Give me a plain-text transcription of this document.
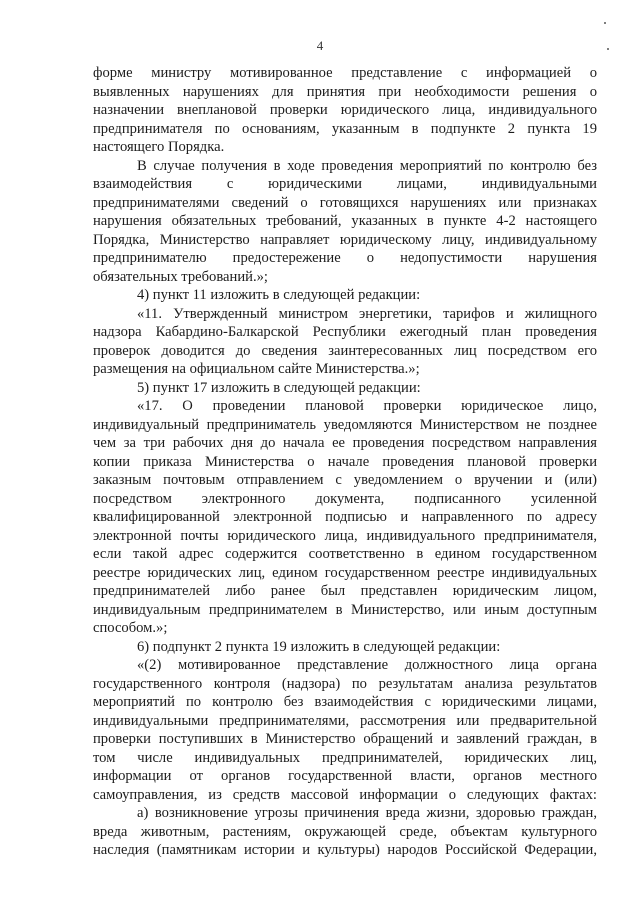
4
форме министру мотивированное представление с информацией о
выявленных нарушениях для принятия при необходимости решения о
назначении внеплановой проверки юридического лица, индивидуального
предпринимателя по основаниям, указанным в подпункте 2 пункта 19
настоящего Порядка.
В случае получения в ходе проведения мероприятий по контролю без
взаимодействия с юридическими лицами, индивидуальными
предпринимателями сведений о готовящихся нарушениях или признаках
нарушения обязательных требований, указанных в пункте 4-2 настоящего
Порядка, Министерство направляет юридическому лицу, индивидуальному
предпринимателю предостережение о недопустимости нарушения
обязательных требований.»;
4) пункт 11 изложить в следующей редакции:
«11. Утвержденный министром энергетики, тарифов и жилищного
надзора Кабардино-Балкарской Республики ежегодный план проведения
проверок доводится до сведения заинтересованных лиц посредством его
размещения на официальном сайте Министерства.»;
5) пункт 17 изложить в следующей редакции:
«17. О проведении плановой проверки юридическое лицо,
индивидуальный предприниматель уведомляются Министерством не позднее
чем за три рабочих дня до начала ее проведения посредством направления
копии приказа Министерства о начале проведения плановой проверки
заказным почтовым отправлением с уведомлением о вручении и (или)
посредством электронного документа, подписанного усиленной
квалифицированной электронной подписью и направленного по адресу
электронной почты юридического лица, индивидуального предпринимателя,
если такой адрес содержится соответственно в едином государственном
реестре юридических лиц, едином государственном реестре индивидуальных
предпринимателей либо ранее был представлен юридическим лицом,
индивидуальным предпринимателем в Министерство, или иным доступным
способом.»;
6) подпункт 2 пункта 19 изложить в следующей редакции:
«(2) мотивированное представление должностного лица органа
государственного контроля (надзора) по результатам анализа результатов
мероприятий по контролю без взаимодействия с юридическими лицами,
индивидуальными предпринимателями, рассмотрения или предварительной
проверки поступивших в Министерство обращений и заявлений граждан, в
том числе индивидуальных предпринимателей, юридических лиц,
информации от органов государственной власти, органов местного
самоуправления, из средств массовой информации о следующих фактах:
а) возникновение угрозы причинения вреда жизни, здоровью граждан,
вреда животным, растениям, окружающей среде, объектам культурного
наследия (памятникам истории и культуры) народов Российской Федерации,
